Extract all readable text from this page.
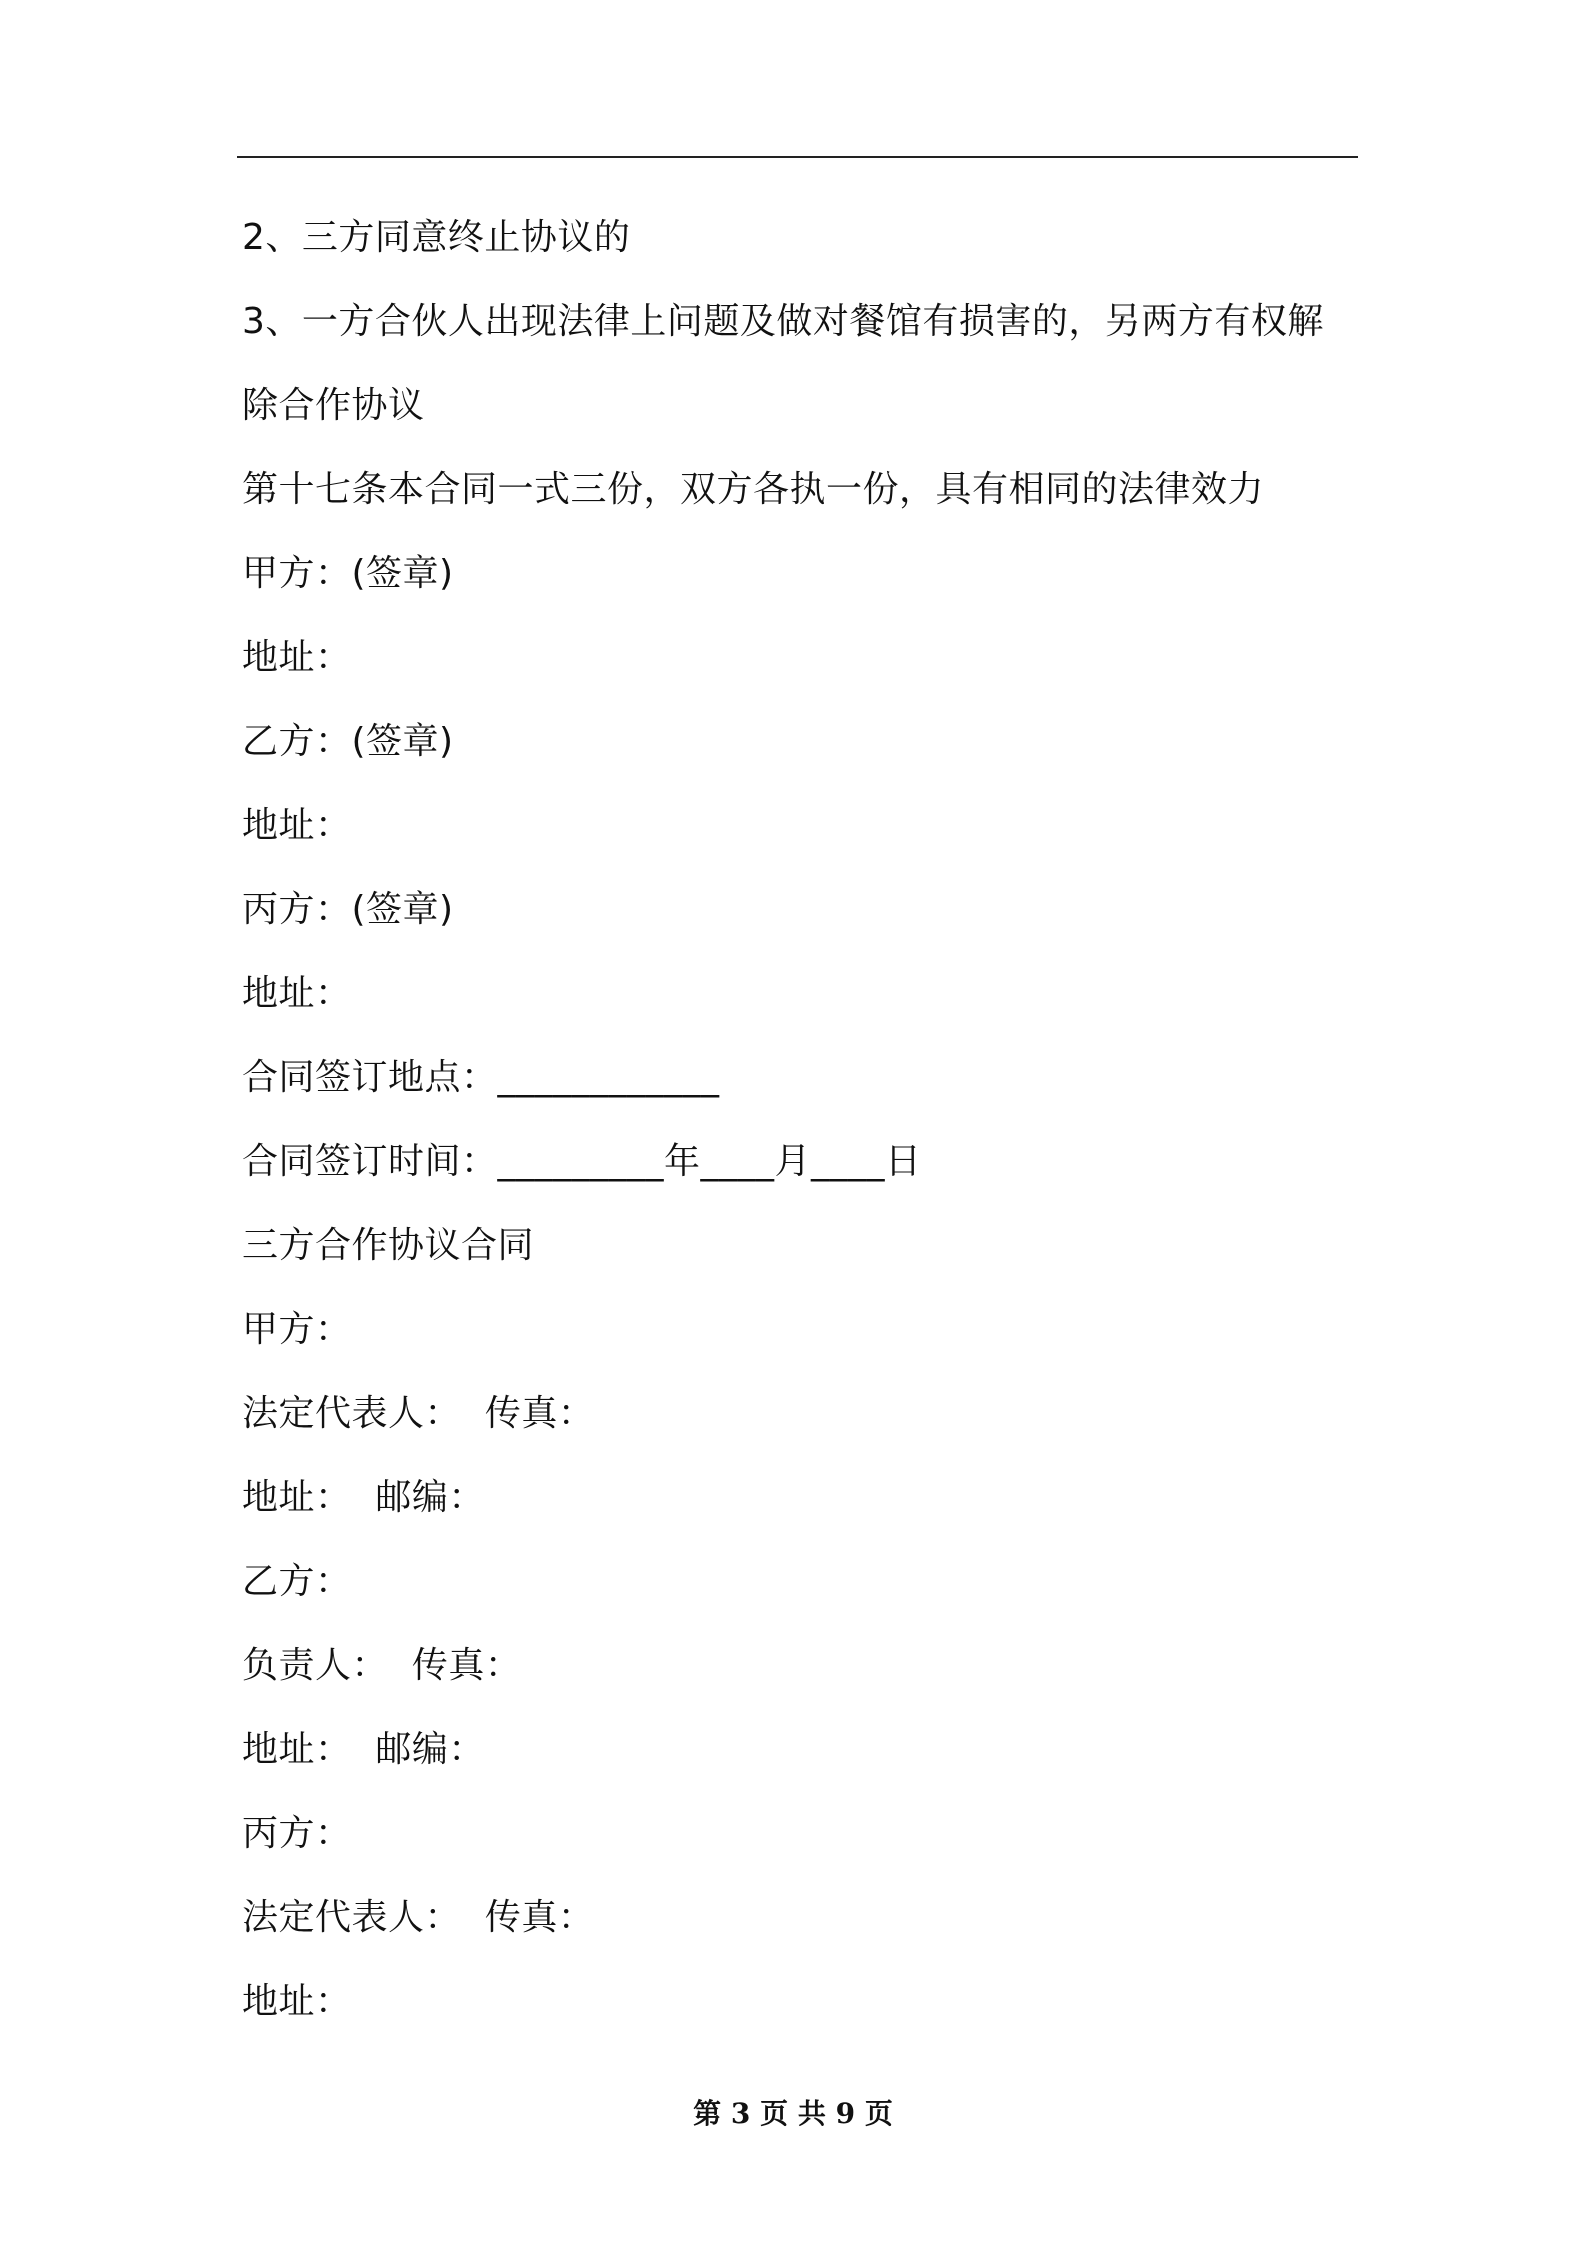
2、三方同意终止协议的
3、一方合伙人出现法律上问题及做对餐馆有损害的，另两方有权解
除合作协议
第十七条本合同一式三份，双方各执一份，具有相同的法律效力
甲方：(签章)
地址：
乙方：(签章)
地址：
丙方：(签章)
地址：
合同签订地点：____________
合同签订时间：_________年____月____日
三方合作协议合同
甲方：
法定代表人：  传真：
地址：  邮编：
乙方：
负责人：  传真：
地址：  邮编：
丙方：
法定代表人：  传真：
地址：
第 3 页 共 9 页
